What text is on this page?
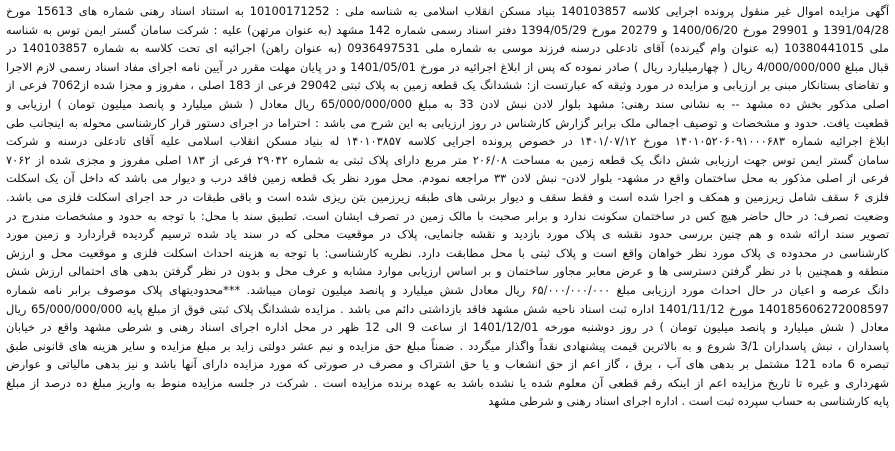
آگهی مزایده اموال غیر منقول پرونده اجرایی کلاسه 140103857 بنیاد مسکن انقلاب اسلامی به شناسه ملی : 10100171252 به استناد اسناد رهنی شماره های 15613 مورخ
1391/04/28 و 29901 مورخ 1400/06/20 و 20279 مورخ 1394/05/29 دفتر اسناد رسمی شماره 142 مشهد (به عنوان مرتهن) علیه : شرکت سامان گستر ایمن توس به شناسه
ملی 10380441015 (به عنوان وام گیرنده) آقای تادعلی درسنه فرزند موسی به شماره ملی 0936497531 (به عنوان راهن) اجرائیه ای تحت کلاسه به شماره 140103857 در
قبال مبلغ 4/000/000/000 ریال ( چهارمیلیارد ریال ) صادر نموده که پس از ابلاغ اجرائیه در مورخ 1401/05/01 و در پایان مهلت مقرر در آیین نامه اجرای مفاد اسناد رسمی لازم الاجرا
و تقاضای بستانکار مبنی بر ارزیابی و مزایده در مورد وثیقه که عبارتست از: ششدانگ یک قطعه زمین به پلاک ثبتی 29042 فرعی از 183 اصلی ، مفروز و مجزا شده از7062 فرعی از
اصلی مذکور بخش ده مشهد -- به نشانی سند رهنی: مشهد بلوار لادن نبش لادن 33 به مبلغ 65/000/000/000 ریال معادل ( شش میلیارد و پانصد میلیون تومان ) ارزیابی و
قطعیت یافت. حدود و مشخصات و توصیف اجمالی ملک برابر گزارش کارشناس در روز ارزیابی به این شرح می باشد : احتراما در اجرای دستور قرار کارشناسی محوله به اینجانب طی
ابلاغ اجرائیه شماره ۱۴۰۱۰۵۲۰۶۰۹۱۰۰۰۶۸۳ مورخ ۱۴۰۱/۰۷/۱۲ در خصوص پرونده اجرایی کلاسه ۱۴۰۱۰۳۸۵۷ له بنیاد مسکن انقلاب اسلامی علیه آقای تادعلی درسنه و شرکت
سامان گستر ایمن توس جهت ارزیابی شش دانگ یک قطعه زمین به مساحت ۲۰۶/۰۸ متر مربع دارای پلاک ثبتی به شماره ۲۹۰۴۲ فرعی از ۱۸۳ اصلی مفروز و مجزی شده از ۷۰۶۲
فرعی از اصلی مذکور به محل ساختمان واقع در مشهد- بلوار لادن- نبش لادن ۳۳ مراجعه نمودم. محل مورد نظر یک قطعه زمین فاقد درب و دیوار می باشد که داخل آن یک اسکلت
فلزی ۶ سقف شامل زیرزمین و همکف و اجرا شده است و فقط سقف و دیوار برشی های طبقه زیرزمین بتن ریزی شده است و باقی طبقات در حد اجرای اسکلت فلزی می باشد.
وضعیت تصرف: در حال حاضر هیچ کس در ساختمان سکونت ندارد و برابر صحبت با مالک زمین در تصرف ایشان است. تطبیق سند با محل: با توجه به حدود و مشخصات مندرج در
تصویر سند ارائه شده و هم چنین بررسی حدود نقشه ی پلاک مورد بازدید و نقشه جانمایی، پلاک در موقعیت محلی که در سند یاد شده ترسیم گردیده قراردارد و زمین مورد
کارشناسی در محدوده ی پلاک مورد نظر خواهان واقع است و پلاک ثبتی با محل مطابقت دارد. نظریه کارشناسی: با توجه به هزینه احداث اسکلت فلزی و موقعیت محل و ارزش
منطقه و همچنین با در نظر گرفتن دسترسی ها و عرض معابر مجاور ساختمان و بر اساس ارزیابی موارد مشابه و عرف محل و بدون در نظر گرفتن بدهی های احتمالی ارزش شش
دانگ عرصه و اعیان در حال احداث مورد ارزیابی مبلغ ۶۵/۰۰۰/۰۰۰/۰۰۰ ریال معادل شش میلیارد و پانصد میلیون تومان میباشد. ***محدودیتهای پلاک موصوف برابر نامه شماره
140185606272008597 مورخ 1401/11/12 اداره ثبت اسناد ناحیه شش مشهد فاقد بازداشتی دائم می باشد . مزایده ششدانگ پلاک ثبتی فوق از مبلغ پایه 65/000/000/000 ریال
معادل ( شش میلیارد و پانصد میلیون تومان ) در روز دوشنبه مورخه 1401/12/01 از ساعت 9 الی 12 ظهر در محل اداره اجرای اسناد رهنی و شرطی مشهد واقع در خیابان
پاسداران ، نبش پاسداران 3/1 شروع و به بالاترین قیمت پیشنهادی نقداً واگذار میگردد . ضمناً مبلغ حق مزایده و نیم عشر دولتی زاید بر مبلغ مزایده و سایر هزینه های قانونی طبق
تبصره 6 ماده 121 مشتمل بر بدهی های آب ، برق ، گاز اعم از حق انشعاب و یا حق اشتراک و مصرف در صورتی که مورد مزایده دارای آنها باشد و نیز بدهی مالیاتی و عوارض
شهرداری و غیره تا تاریخ مزایده اعم از اینکه رقم قطعی آن معلوم شده یا نشده باشد به عهده برنده مزایده است . شرکت در جلسه مزایده منوط به واریز مبلغ ده درصد از مبلغ
پایه کارشناسی به حساب سپرده ثبت است . اداره اجرای اسناد رهنی و شرطی مشهد
